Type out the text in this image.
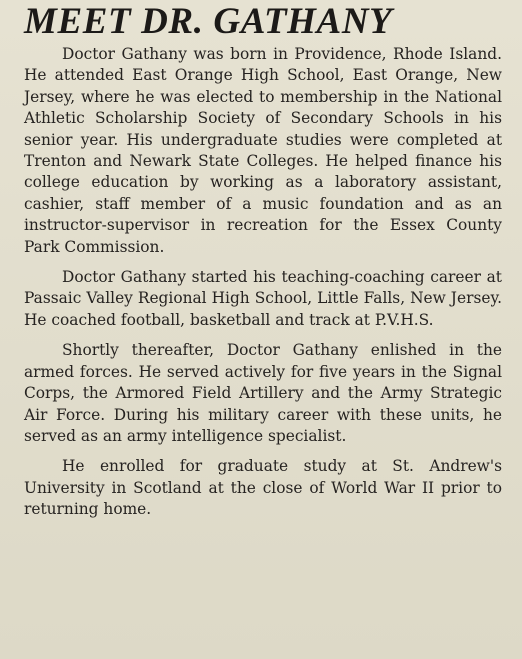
MEET DR. GATHANY

Doctor Gathany was born in Providence, Rhode Island. He attended East Orange High School, East Orange, New Jersey, where he was elected to membership in the National Athletic Scholarship Society of Secondary Schools in his senior year. His undergraduate studies were completed at Trenton and Newark State Colleges. He helped finance his college education by working as a laboratory assistant, cashier, staff member of a music foundation and as an instructor-supervisor in recreation for the Essex County Park Commission.

Doctor Gathany started his teaching-coaching career at Passaic Valley Regional High School, Little Falls, New Jersey. He coached football, basketball and track at P.V.H.S.

Shortly thereafter, Doctor Gathany enlished in the armed forces. He served actively for five years in the Signal Corps, the Armored Field Artillery and the Army Strategic Air Force. During his military career with these units, he served as an army intelligence specialist.

He enrolled for graduate study at St. Andrew's University in Scotland at the close of World War II prior to returning home.
